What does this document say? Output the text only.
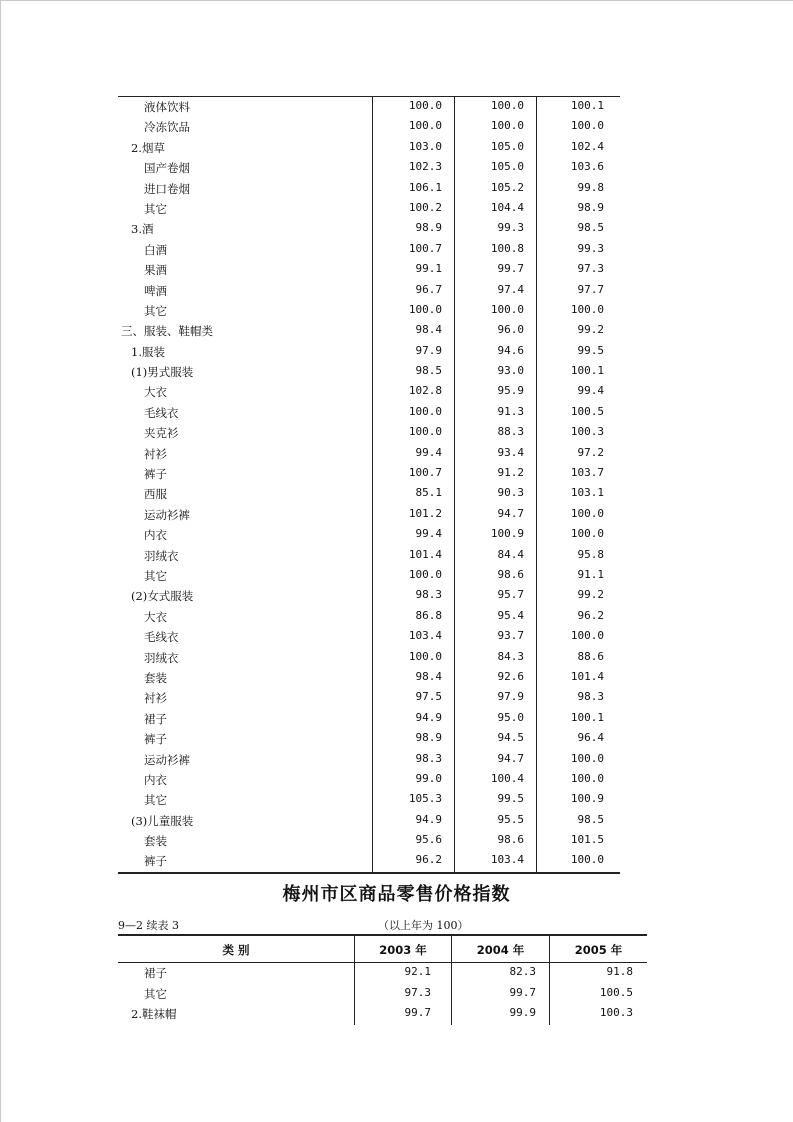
液体饮料	100.0	100.0	100.1
冷冻饮品	100.0	100.0	100.0
2.烟草	103.0	105.0	102.4
国产卷烟	102.3	105.0	103.6
进口卷烟	106.1	105.2	99.8
其它	100.2	104.4	98.9
3.酒	98.9	99.3	98.5
白酒	100.7	100.8	99.3
果酒	99.1	99.7	97.3
啤酒	96.7	97.4	97.7
其它	100.0	100.0	100.0
三、服装、鞋帽类	98.4	96.0	99.2
1.服装	97.9	94.6	99.5
(1)男式服装	98.5	93.0	100.1
大衣	102.8	95.9	99.4
毛线衣	100.0	91.3	100.5
夹克衫	100.0	88.3	100.3
衬衫	99.4	93.4	97.2
裤子	100.7	91.2	103.7
西服	85.1	90.3	103.1
运动衫裤	101.2	94.7	100.0
内衣	99.4	100.9	100.0
羽绒衣	101.4	84.4	95.8
其它	100.0	98.6	91.1
(2)女式服装	98.3	95.7	99.2
大衣	86.8	95.4	96.2
毛线衣	103.4	93.7	100.0
羽绒衣	100.0	84.3	88.6
套装	98.4	92.6	101.4
衬衫	97.5	97.9	98.3
裙子	94.9	95.0	100.1
裤子	98.9	94.5	96.4
运动衫裤	98.3	94.7	100.0
内衣	99.0	100.4	100.0
其它	105.3	99.5	100.9
(3)儿童服装	94.9	95.5	98.5
套装	95.6	98.6	101.5
裤子	96.2	103.4	100.0
梅州市区商品零售价格指数
9—2 续表 3	（以上年为 100）
类 别	2003 年	2004 年	2005 年
裙子	92.1	82.3	91.8
其它	97.3	99.7	100.5
2.鞋袜帽	99.7	99.9	100.3
